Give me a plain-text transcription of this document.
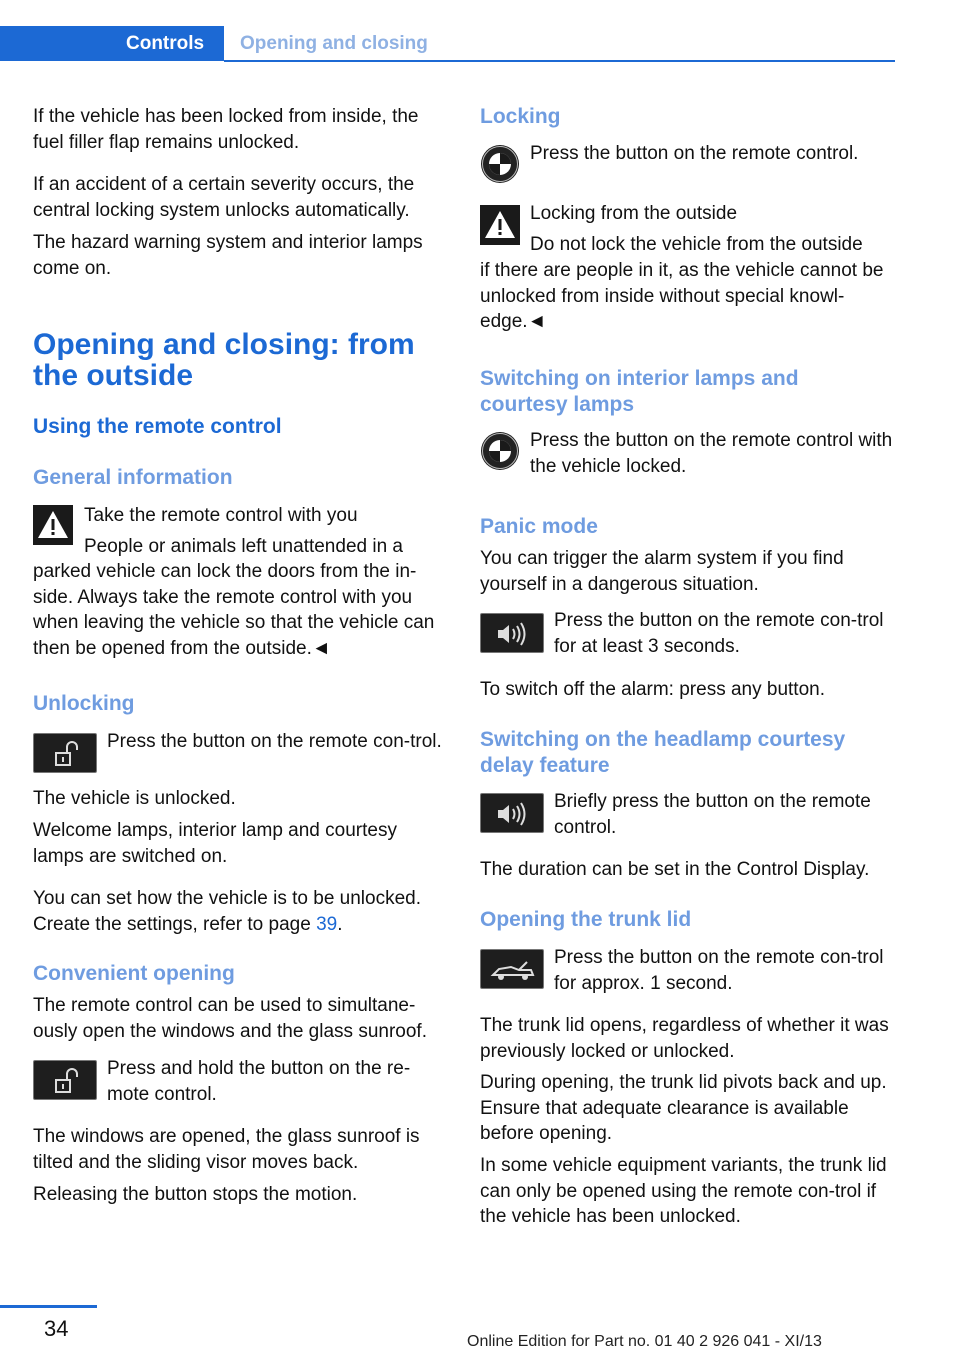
Controls	Opening and closing

If the vehicle has been locked from inside, the fuel filler flap remains unlocked.

If an accident of a certain severity occurs, the central locking system unlocks automatically.

The hazard warning system and interior lamps come on.

Opening and closing: from
the outside
Using the remote control
General information

Take the remote control with you

People or animals left unattended in a

parked vehicle can lock the doors from the in-side. Always take the remote control with you when leaving the vehicle so that the vehicle can then be opened from the outside.◄

Unlocking

Press the button on the remote con-trol.

The vehicle is unlocked.

Welcome lamps, interior lamp and courtesy lamps are switched on.

You can set how the vehicle is to be unlocked. Create the settings, refer to page 39.

Convenient opening

The remote control can be used to simultane-ously open the windows and the glass sunroof.

Press and hold the button on the re-mote control.

The windows are opened, the glass sunroof is tilted and the sliding visor moves back.

Releasing the button stops the motion.

Locking

Press the button on the remote control.

Locking from the outside

Do not lock the vehicle from the outside

if there are people in it, as the vehicle cannot be unlocked from inside without special knowl-edge.◄

Switching on interior lamps and courtesy lamps

Press the button on the remote control with the vehicle locked.

Panic mode

You can trigger the alarm system if you find yourself in a dangerous situation.

Press the button on the remote con-trol for at least 3 seconds.

To switch off the alarm: press any button.

Switching on the headlamp courtesy delay feature

Briefly press the button on the remote control.

The duration can be set in the Control Display.

Opening the trunk lid

Press the button on the remote con-trol for approx. 1 second.

The trunk lid opens, regardless of whether it was previously locked or unlocked.

During opening, the trunk lid pivots back and up. Ensure that adequate clearance is available before opening.

In some vehicle equipment variants, the trunk lid can only be opened using the remote con-trol if the vehicle has been unlocked.

34
Online Edition for Part no. 01 40 2 926 041 - XI/13
